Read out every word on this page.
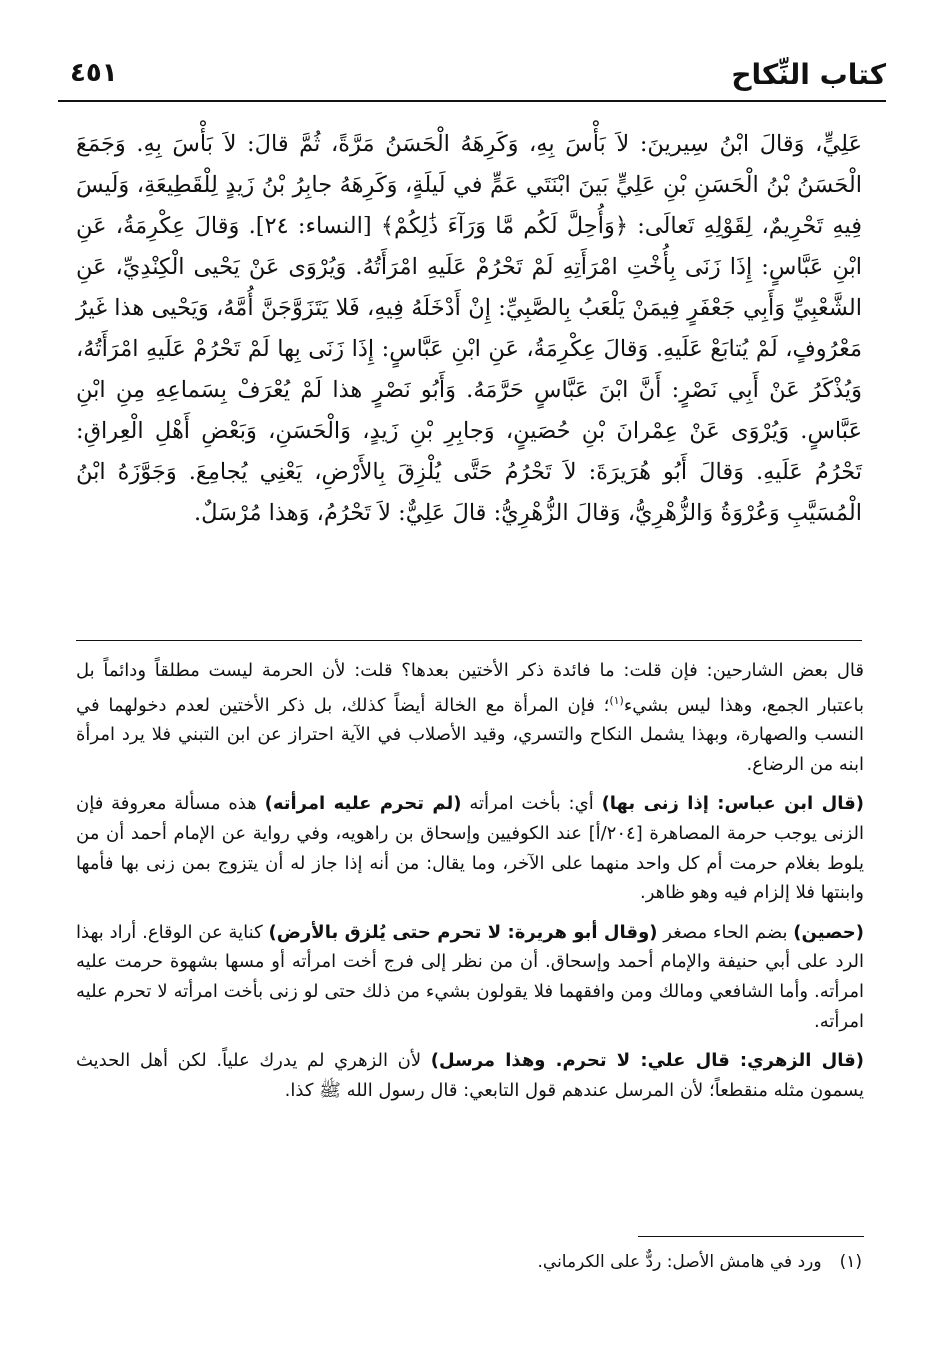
كتاب النِّكاح
٤٥١

عَلِيٍّ، وَقالَ ابْنُ سِيرينَ: لاَ بَأْسَ بِهِ، وَكَرِهَهُ الْحَسَنُ مَرَّةً، ثُمَّ قالَ: لاَ بَأْسَ بِهِ. وَجَمَعَ الْحَسَنُ بْنُ الْحَسَنِ بْنِ عَلِيٍّ بَينَ ابْنَتَي عَمٍّ في لَيلَةٍ، وَكَرِهَهُ جابِرُ بْنُ زَيدٍ لِلْقَطِيعَةِ، وَلَيسَ فِيهِ تَحْرِيمٌ، لِقَوْلِهِ تَعالَى: ﴿وَأُحِلَّ لَكُم مَّا وَرَآءَ ذَٰلِكُمْ﴾ [النساء: ٢٤]. وَقالَ عِكْرِمَةُ، عَنِ ابْنِ عَبَّاسٍ: إِذَا زَنَى بِأُخْتِ امْرَأَتِهِ لَمْ تَحْرُمْ عَلَيهِ امْرَأَتُهُ. وَيُرْوَى عَنْ يَحْيى الْكِنْدِيِّ، عَنِ الشَّعْبِيِّ وَأَبِي جَعْفَرٍ فِيمَنْ يَلْعَبُ بِالصَّبِيِّ: إِنْ أَدْخَلَهُ فِيهِ، فَلا يَتَزَوَّجَنَّ أُمَّهُ، وَيَحْيى هذا غَيرُ مَعْرُوفٍ، لَمْ يُتابَعْ عَلَيهِ. وَقالَ عِكْرِمَةُ، عَنِ ابْنِ عَبَّاسٍ: إِذَا زَنَى بِها لَمْ تَحْرُمْ عَلَيهِ امْرَأَتُهُ، وَيُذْكَرُ عَنْ أَبِي نَصْرٍ: أَنَّ ابْنَ عَبَّاسٍ حَرَّمَهُ. وَأَبُو نَصْرٍ هذا لَمْ يُعْرَفْ بِسَماعِهِ مِنِ ابْنِ عَبَّاسٍ. وَيُرْوَى عَنْ عِمْرانَ بْنِ حُصَينٍ، وَجابِرِ بْنِ زَيدٍ، وَالْحَسَنِ، وَبَعْضِ أَهْلِ الْعِراقِ: تَحْرُمُ عَلَيهِ. وَقالَ أَبُو هُرَيرَةَ: لاَ تَحْرُمُ حَتَّى يُلْزِقَ بِالأَرْضِ، يَعْنِي يُجامِعَ. وَجَوَّزَهُ ابْنُ الْمُسَيَّبِ وَعُرْوَةُ وَالزُّهْرِيُّ، وَقالَ الزُّهْرِيُّ: قالَ عَلِيٌّ: لاَ تَحْرُمُ، وَهذا مُرْسَلٌ.

قال بعض الشارحين: فإن قلت: ما فائدة ذكر الأختين بعدها؟ قلت: لأن الحرمة ليست مطلقاً ودائماً بل باعتبار الجمع، وهذا ليس بشيء$^{(١)}$؛ فإن المرأة مع الخالة أيضاً كذلك، بل ذكر الأختين لعدم دخولهما في النسب والصهارة، وبهذا يشمل النكاح والتسري، وقيد الأصلاب في الآية احتراز عن ابن التبني فلا يرد امرأة ابنه من الرضاع.

(قال ابن عباس: إذا زنى بها) أي: بأخت امرأته (لم تحرم عليه امرأته) هذه مسألة معروفة فإن الزنى يوجب حرمة المصاهرة [٢٠٤/أ] عند الكوفيين وإسحاق بن راهويه، وفي رواية عن الإمام أحمد أن من يلوط بغلام حرمت أم كل واحد منهما على الآخر، وما يقال: من أنه إذا جاز له أن يتزوج بمن زنى بها فأمها وابنتها فلا إلزام فيه وهو ظاهر.

(حصين) بضم الحاء مصغر (وقال أبو هريرة: لا تحرم حتى يُلزق بالأرض) كناية عن الوقاع. أراد بهذا الرد على أبي حنيفة والإمام أحمد وإسحاق. أن من نظر إلى فرج أخت امرأته أو مسها بشهوة حرمت عليه امرأته. وأما الشافعي ومالك ومن وافقهما فلا يقولون بشيء من ذلك حتى لو زنى بأخت امرأته لا تحرم عليه امرأته.

(قال الزهري: قال علي: لا تحرم. وهذا مرسل) لأن الزهري لم يدرك علياً. لكن أهل الحديث يسمون مثله منقطعاً؛ لأن المرسل عندهم قول التابعي: قال رسول الله ﷺ كذا.

(١)ورد في هامش الأصل: ردٌّ على الكرماني.
